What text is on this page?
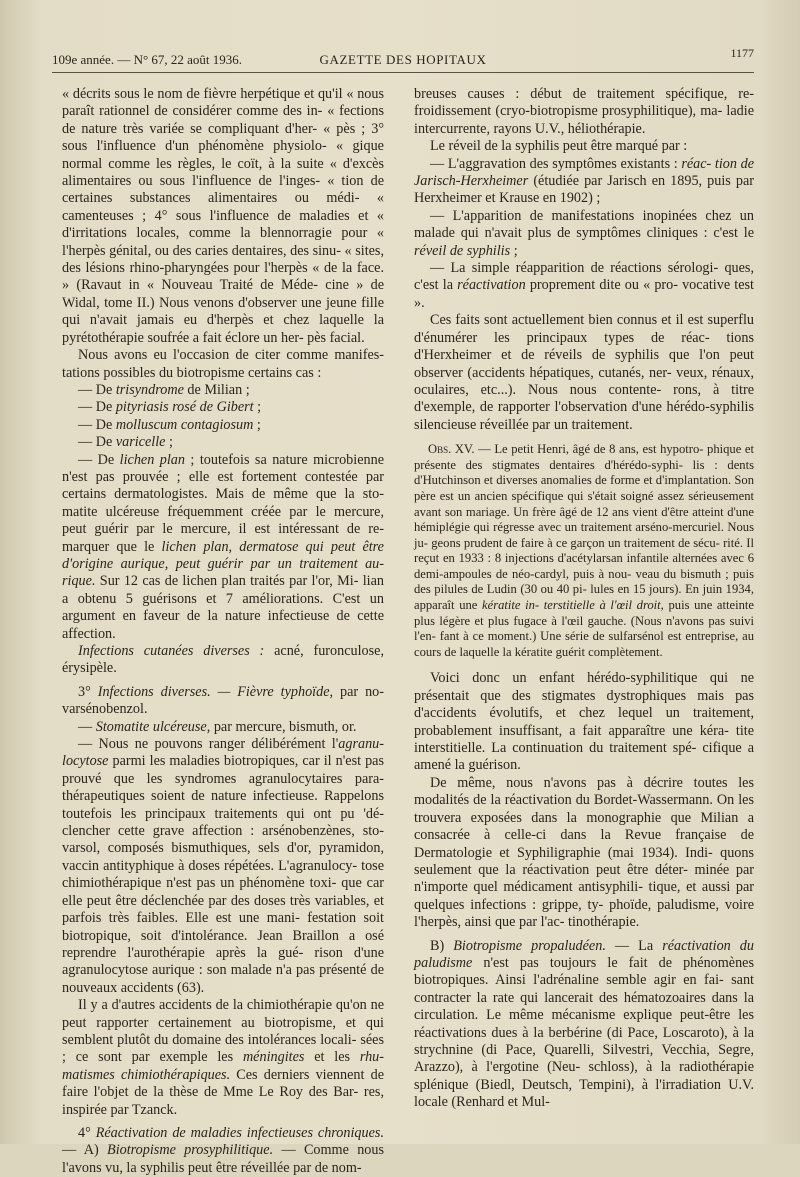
109e année. — N° 67, 22 août 1936.	GAZETTE DES HOPITAUX	1177

« décrits sous le nom de fièvre herpétique et qu'il « nous paraît rationnel de considérer comme des in- « fections de nature très variée se compliquant d'her- « pès ; 3° sous l'influence d'un phénomène physiolo- « gique normal comme les règles, le coït, à la suite « d'excès alimentaires ou sous l'influence de l'inges- « tion de certaines substances alimentaires ou médi- « camenteuses ; 4° sous l'influence de maladies et « d'irritations locales, comme la blennorragie pour « l'herpès génital, ou des caries dentaires, des sinu- « sites, des lésions rhino-pharyngées pour l'herpès « de la face. » (Ravaut in « Nouveau Traité de Méde- cine » de Widal, tome II.) Nous venons d'observer une jeune fille qui n'avait jamais eu d'herpès et chez laquelle la pyrétothérapie soufrée a fait éclore un her- pès facial.

Nous avons eu l'occasion de citer comme manifes- tations possibles du biotropisme certains cas :

— De trisyndrome de Milian ;

— De pityriasis rosé de Gibert ;

— De molluscum contagiosum ;

— De varicelle ;

— De lichen plan ; toutefois sa nature microbienne n'est pas prouvée ; elle est fortement contestée par certains dermatologistes. Mais de même que la sto- matite ulcéreuse fréquemment créée par le mercure, peut guérir par le mercure, il est intéressant de re- marquer que le lichen plan, dermatose qui peut être d'origine aurique, peut guérir par un traitement au- rique. Sur 12 cas de lichen plan traités par l'or, Mi- lian a obtenu 5 guérisons et 7 améliorations. C'est un argument en faveur de la nature infectieuse de cette affection.

Infections cutanées diverses : acné, furonculose, érysipèle.

3° Infections diverses. — Fièvre typhoïde, par no- varsénobenzol.

— Stomatite ulcéreuse, par mercure, bismuth, or.

— Nous ne pouvons ranger délibérément l'agranu- locytose parmi les maladies biotropiques, car il n'est pas prouvé que les syndromes agranulocytaires para- thérapeutiques soient de nature infectieuse. Rappelons toutefois les principaux traitements qui ont pu 'dé- clencher cette grave affection : arsénobenzènes, sto- varsol, composés bismuthiques, sels d'or, pyramidon, vaccin antityphique à doses répétées. L'agranulocy- tose chimiothérapique n'est pas un phénomène toxi- que car elle peut être déclenchée par des doses très variables, et parfois très faibles. Elle est une mani- festation soit biotropique, soit d'intolérance. Jean Braillon a osé reprendre l'aurothérapie après la gué- rison d'une agranulocytose aurique : son malade n'a pas présenté de nouveaux accidents (63).

Il y a d'autres accidents de la chimiothérapie qu'on ne peut rapporter certainement au biotropisme, et qui semblent plutôt du domaine des intolérances locali- sées ; ce sont par exemple les méningites et les rhu- matismes chimiothérapiques. Ces derniers viennent de faire l'objet de la thèse de Mme Le Roy des Bar- res, inspirée par Tzanck.

4° Réactivation de maladies infectieuses chroniques. — A) Biotropisme prosyphilitique. — Comme nous l'avons vu, la syphilis peut être réveillée par de nom-

breuses causes : début de traitement spécifique, re- froidissement (cryo-biotropisme prosyphilitique), ma- ladie intercurrente, rayons U.V., héliothérapie.

Le réveil de la syphilis peut être marqué par :

— L'aggravation des symptômes existants : réac- tion de Jarisch-Herxheimer (étudiée par Jarisch en 1895, puis par Herxheimer et Krause en 1902) ;

— L'apparition de manifestations inopinées chez un malade qui n'avait plus de symptômes cliniques : c'est le réveil de syphilis ;

— La simple réapparition de réactions sérologi- ques, c'est la réactivation proprement dite ou « pro- vocative test ».

Ces faits sont actuellement bien connus et il est superflu d'énumérer les principaux types de réac- tions d'Herxheimer et de réveils de syphilis que l'on peut observer (accidents hépatiques, cutanés, ner- veux, rénaux, oculaires, etc...). Nous nous contente- rons, à titre d'exemple, de rapporter l'observation d'une hérédo-syphilis silencieuse réveillée par un traitement.

Obs. XV. — Le petit Henri, âgé de 8 ans, est hypotro- phique et présente des stigmates dentaires d'hérédo-syphi- lis : dents d'Hutchinson et diverses anomalies de forme et d'implantation. Son père est un ancien spécifique qui s'était soigné assez sérieusement avant son mariage. Un frère âgé de 12 ans vient d'être atteint d'une hémiplégie qui régresse avec un traitement arséno-mercuriel. Nous ju- geons prudent de faire à ce garçon un traitement de sécu- rité. Il reçut en 1933 : 8 injections d'acétylarsan infantile alternées avec 6 demi-ampoules de néo-cardyl, puis à nou- veau du bismuth ; puis des pilules de Ludin (30 ou 40 pi- lules en 15 jours). En juin 1934, apparaît une kératite in- terstitielle à l'œil droit, puis une atteinte plus légère et plus fugace à l'œil gauche. (Nous n'avons pas suivi l'en- fant à ce moment.) Une série de sulfarsénol est entreprise, au cours de laquelle la kératite guérit complètement.

Voici donc un enfant hérédo-syphilitique qui ne présentait que des stigmates dystrophiques mais pas d'accidents évolutifs, et chez lequel un traitement, probablement insuffisant, a fait apparaître une kéra- tite interstitielle. La continuation du traitement spé- cifique a amené la guérison.

De même, nous n'avons pas à décrire toutes les modalités de la réactivation du Bordet-Wassermann. On les trouvera exposées dans la monographie que Milian a consacrée à celle-ci dans la Revue française de Dermatologie et Syphiligraphie (mai 1934). Indi- quons seulement que la réactivation peut être déter- minée par n'importe quel médicament antisyphili- tique, et aussi par quelques infections : grippe, ty- phoïde, paludisme, voire l'herpès, ainsi que par l'ac- tinothérapie.

B) Biotropisme propaludéen. — La réactivation du paludisme n'est pas toujours le fait de phénomènes biotropiques. Ainsi l'adrénaline semble agir en fai- sant contracter la rate qui lancerait des hématozoaires dans la circulation. Le même mécanisme explique peut-être les réactivations dues à la berbérine (di Pace, Loscaroto), à la strychnine (di Pace, Quarelli, Silvestri, Vecchia, Segre, Arazzo), à l'ergotine (Neu- schloss), à la radiothérapie splénique (Biedl, Deutsch, Tempini), à l'irradiation U.V. locale (Renhard et Mul-
